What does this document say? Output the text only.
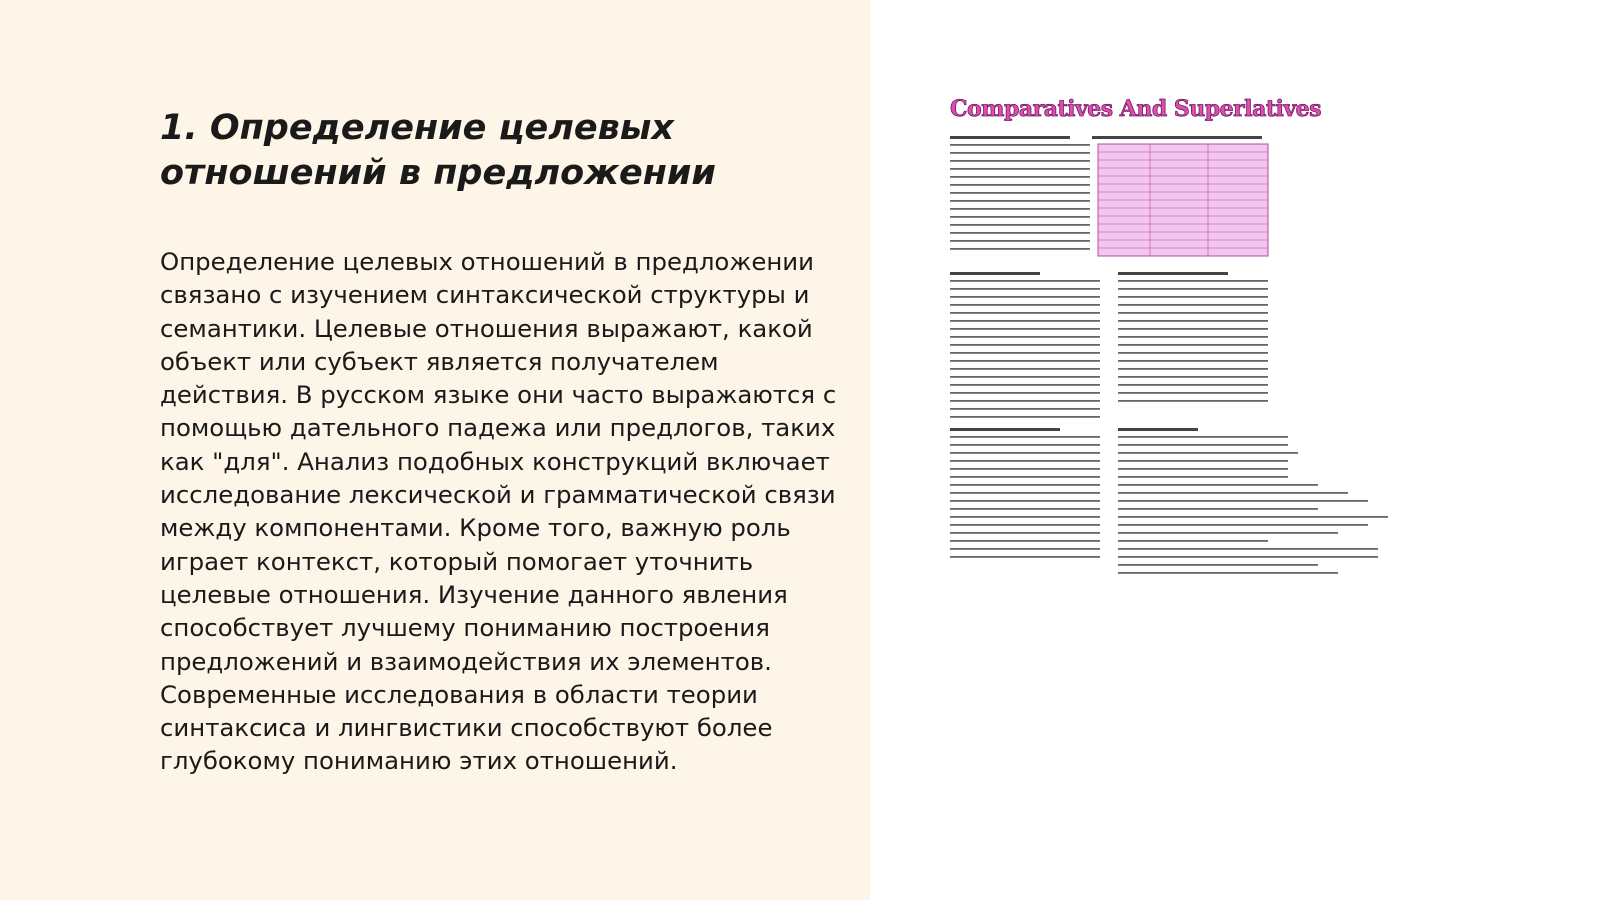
1. Определение целевых отношений в предложении

Определение целевых отношений в предложении связано с изучением синтаксической структуры и семантики. Целевые отношения выражают, какой объект или субъект является получателем действия. В русском языке они часто выражаются с помощью дательного падежа или предлогов, таких как "для". Анализ подобных конструкций включает исследование лексической и грамматической связи между компонентами. Кроме того, важную роль играет контекст, который помогает уточнить целевые отношения. Изучение данного явления способствует лучшему пониманию построения предложений и взаимодействия их элементов. Современные исследования в области теории синтаксиса и лингвистики способствуют более глубокому пониманию этих отношений.

Comparatives And Superlatives
